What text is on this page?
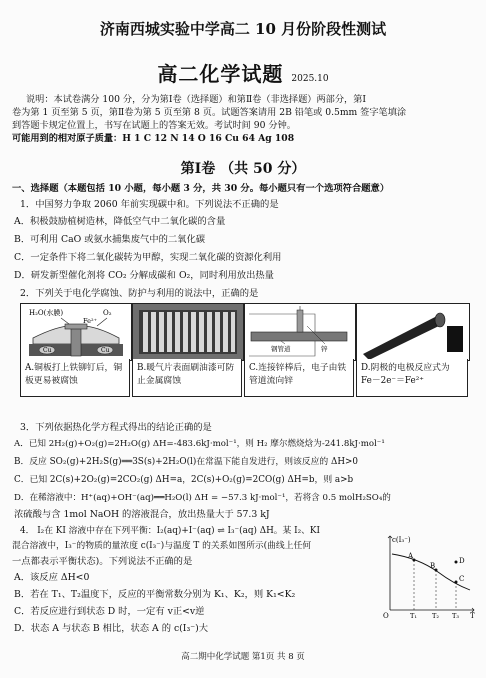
济南西城实验中学高二 10 月份阶段性测试
高二化学试题 2025.10
说明：本试卷满分 100 分，分为第Ⅰ卷（选择题）和第Ⅱ卷（非选择题）两部分，第Ⅰ
卷为第 1 页至第 5 页，第Ⅱ卷为第 5 页至第 8 页。试题答案请用 2B 铅笔或 0.5mm 签字笔填涂
到答题卡规定位置上，书写在试题上的答案无效。考试时间 90 分钟。
可能用到的相对原子质量：H 1 C 12 N 14 O 16 Cu 64 Ag 108
第Ⅰ卷 （共 50 分）
一、选择题（本题包括 10 小题，每小题 3 分，共 30 分。每小题只有一个选项符合题意）
1．中国努力争取 2060 年前实现碳中和。下列说法不正确的是
A．积极鼓励植树造林，降低空气中二氧化碳的含量
B．可利用 CaO 或氨水捕集废气中的二氧化碳
C．一定条件下将二氧化碳转为甲醇，实现二氧化碳的资源化利用
D．研发新型催化剂将 CO₂ 分解成碳和 O₂，同时利用放出热量
2．下列关于电化学腐蚀、防护与利用的说法中，正确的是
H₂O(水膜)	O₂
Fe²⁺
Cu	Cu	钢管道	锌
A.铜板打上铁铆钉后，铜板更易被腐蚀
B.暖气片表面刷油漆可防止金属腐蚀
C.连接锌棒后，电子由铁管道流向锌
D.阴极的电极反应式为 Fe－2e⁻＝Fe²⁺
3．下列依据热化学方程式得出的结论正确的是
A．已知 2H₂(g)+O₂(g)=2H₂O(g) ΔH=-483.6kJ·mol⁻¹，则 H₂ 摩尔燃烧焓为-241.8kJ·mol⁻¹
B．反应 SO₂(g)+2H₂S(g)══3S(s)+2H₂O(l)在常温下能自发进行，则该反应的 ΔH>0
C．已知 2C(s)+2O₂(g)=2CO₂(g) ΔH=a，2C(s)+O₂(g)=2CO(g) ΔH=b，则 a>b
D．在稀溶液中：H⁺(aq)+OH⁻(aq)══H₂O(l) ΔH = −57.3 kJ·mol⁻¹，若将含 0.5 molH₂SO₄的
浓硫酸与含 1mol NaOH 的溶液混合，放出热量大于 57.3 kJ
4． I₂在 KI 溶液中存在下列平衡：I₂(aq)+I⁻(aq) ⇌ I₃⁻(aq) ΔH。某 I₂、KI
混合溶液中，I₃⁻的物质的量浓度 c(I₃⁻)与温度 T 的关系如图所示(曲线上任何
一点都表示平衡状态)。下列说法不正确的是
A．该反应 ΔH<0
B．若在 T₁、T₂温度下，反应的平衡常数分别为 K₁、K₂，则 K₁<K₂
C．若反应进行到状态 D 时，一定有 v正<v逆
D．状态 A 与状态 B 相比，状态 A 的 c(I₃⁻)大
c(I₃⁻)
T
O	T₁ T₂ T₃
A
B
C
D
高二期中化学试题 第1页 共 8 页
